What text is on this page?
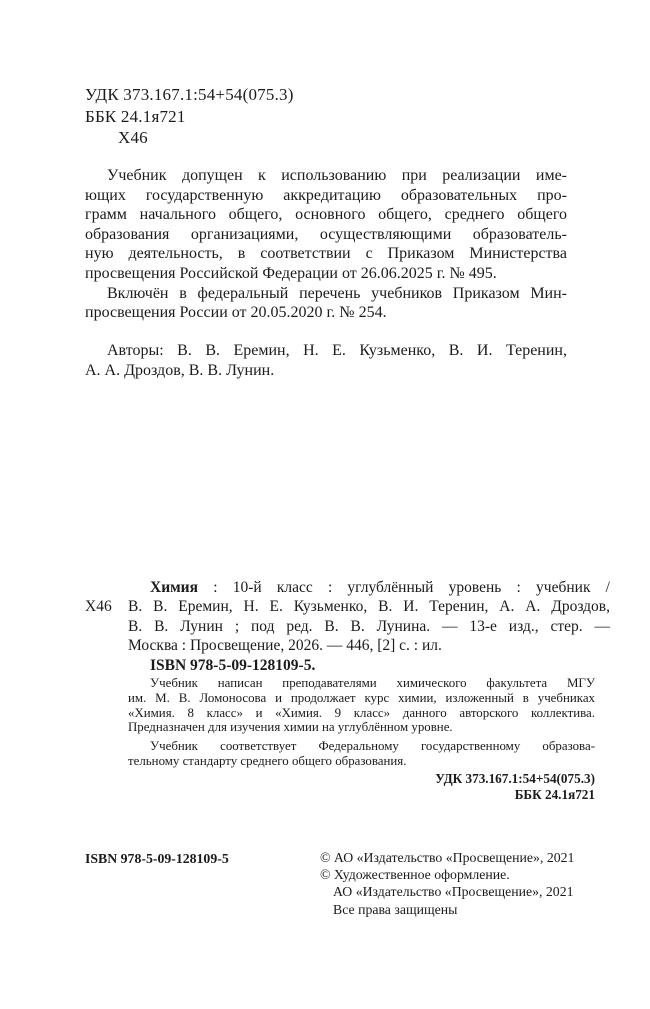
УДК 373.167.1:54+54(075.3)
ББК 24.1я721
Х46
Учебник допущен к использованию при реализации име-
ющих государственную аккредитацию образовательных про-
грамм начального общего, основного общего, среднего общего
образования организациями, осуществляющими образователь-
ную деятельность, в соответствии с Приказом Министерства
просвещения Российской Федерации от 26.06.2025 г. № 495.
Включён в федеральный перечень учебников Приказом Мин-
просвещения России от 20.05.2020 г. № 254.
Авторы: В. В. Еремин, Н. Е. Кузьменко, В. И. Теренин,
А. А. Дроздов, В. В. Лунин.
Х46
Химия : 10-й класс : углублённый уровень : учебник /
В. В. Еремин, Н. Е. Кузьменко, В. И. Теренин, А. А. Дроздов,
В. В. Лунин ; под ред. В. В. Лунина. — 13-е изд., стер. —
Москва : Просвещение, 2026. — 446, [2] с. : ил.
ISBN 978-5-09-128109-5.
Учебник написан преподавателями химического факультета МГУ
им. М. В. Ломоносова и продолжает курс химии, изложенный в учебниках
«Химия. 8 класс» и «Химия. 9 класс» данного авторского коллектива.
Предназначен для изучения химии на углублённом уровне.
Учебник соответствует Федеральному государственному образова-
тельному стандарту среднего общего образования.
УДК 373.167.1:54+54(075.3)
ББК 24.1я721
ISBN 978-5-09-128109-5	© АО «Издательство «Просвещение», 2021
© Художественное оформление.
АО «Издательство «Просвещение», 2021
Все права защищены
